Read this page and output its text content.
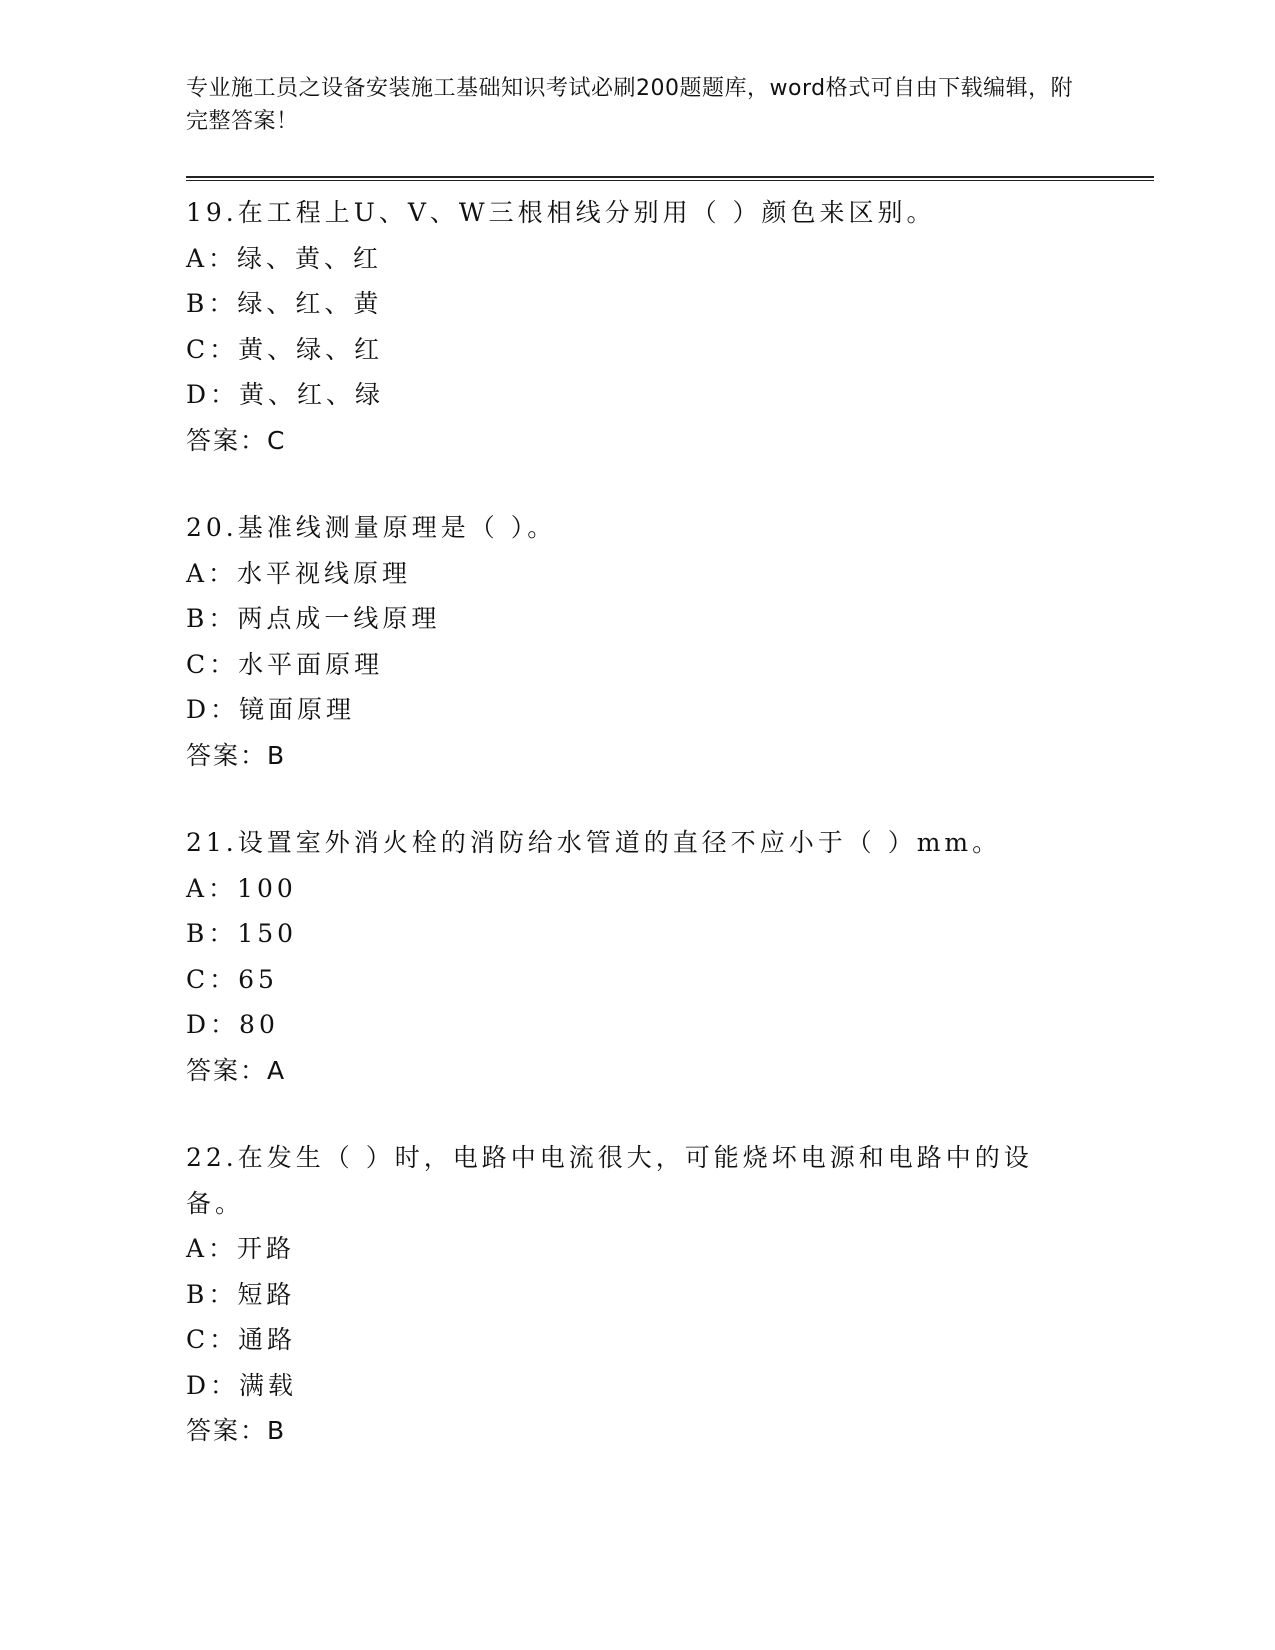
专业施工员之设备安装施工基础知识考试必刷200题题库，word格式可自由下载编辑，附完整答案！
19.在工程上U、V、W三根相线分别用（ ）颜色来区别。
A：绿、黄、红
B：绿、红、黄
C：黄、绿、红
D：黄、红、绿
答案：C
20.基准线测量原理是（ ）。
A：水平视线原理
B：两点成一线原理
C：水平面原理
D：镜面原理
答案：B
21.设置室外消火栓的消防给水管道的直径不应小于（ ）mm。
A：100
B：150
C：65
D：80
答案：A
22.在发生（ ）时，电路中电流很大，可能烧坏电源和电路中的设备。
A：开路
B：短路
C：通路
D：满载
答案：B
